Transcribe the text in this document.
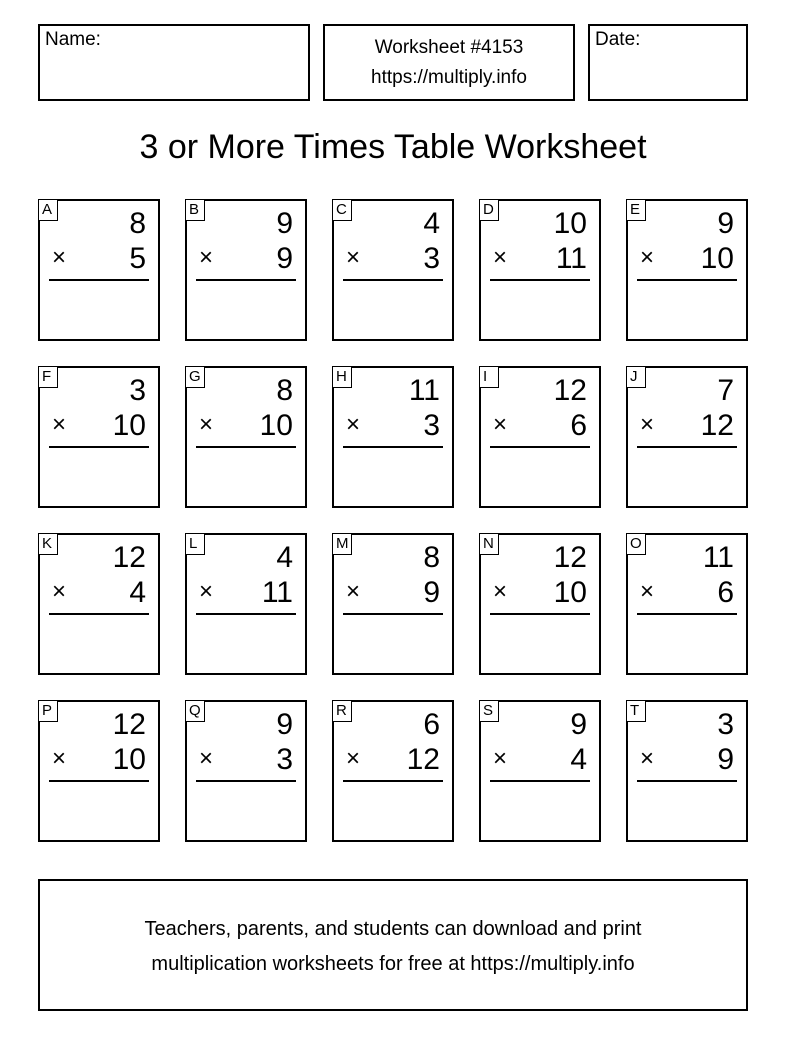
Name:	Worksheet #4153
https://multiply.info
Date:
3 or More Times Table Worksheet
A	8
× 5
B	9
× 9
C	4
× 3
D 10
× 11
E	9
× 10
F	3
× 10
G	8
× 10
H 11
× 3
I	12
× 6
J	7
× 12
K 12
× 4
L	4
× 11
M 8
× 9
N 12
× 10
O 11
× 6
P 12
× 10
Q	9
× 3
R	6
× 12
S	9
× 4
T	3
× 9
Teachers, parents, and students can download and print
multiplication worksheets for free at https://multiply.info
